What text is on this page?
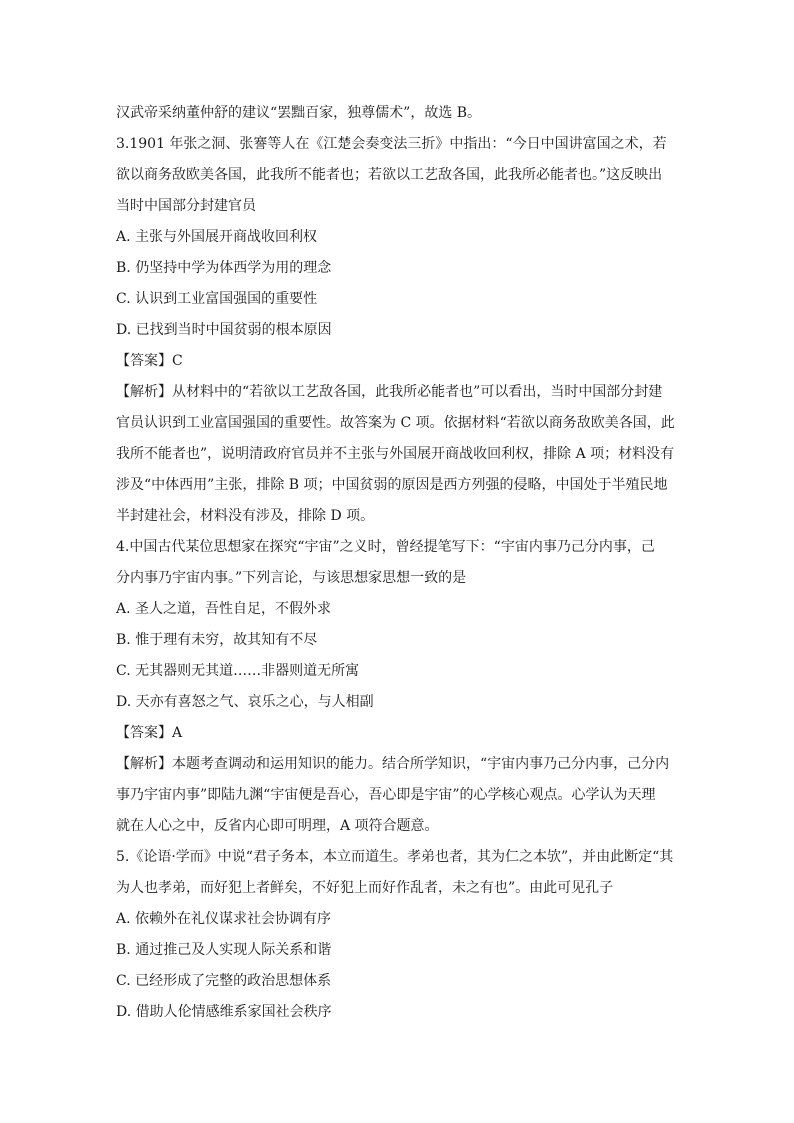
汉武帝采纳董仲舒的建议“罢黜百家，独尊儒术”，故选 B。

3.1901 年张之洞、张謇等人在《江楚会奏变法三折》中指出：“今日中国讲富国之术，若

欲以商务敌欧美各国，此我所不能者也；若欲以工艺敌各国，此我所必能者也。”这反映出

当时中国部分封建官员

A. 主张与外国展开商战收回利权

B. 仍坚持中学为体西学为用的理念

C. 认识到工业富国强国的重要性

D. 已找到当时中国贫弱的根本原因

【答案】C

【解析】从材料中的“若欲以工艺敌各国，此我所必能者也”可以看出，当时中国部分封建

官员认识到工业富国强国的重要性。故答案为 C 项。依据材料“若欲以商务敌欧美各国，此

我所不能者也”，说明清政府官员并不主张与外国展开商战收回利权，排除 A 项；材料没有

涉及“中体西用”主张，排除 B 项；中国贫弱的原因是西方列强的侵略，中国处于半殖民地

半封建社会，材料没有涉及，排除 D 项。

4.中国古代某位思想家在探究“宇宙”之义时，曾经提笔写下：“宇宙内事乃己分内事，己

分内事乃宇宙内事。”下列言论，与该思想家思想一致的是

A. 圣人之道，吾性自足，不假外求

B. 惟于理有未穷，故其知有不尽

C. 无其器则无其道……非器则道无所寓

D. 天亦有喜怒之气、哀乐之心，与人相副

【答案】A

【解析】本题考查调动和运用知识的能力。结合所学知识，“宇宙内事乃己分内事，己分内

事乃宇宙内事”即陆九渊“宇宙便是吾心，吾心即是宇宙”的心学核心观点。心学认为天理

就在人心之中，反省内心即可明理，A 项符合题意。

5.《论语·学而》中说“君子务本，本立而道生。孝弟也者，其为仁之本欤”，并由此断定“其

为人也孝弟，而好犯上者鲜矣，不好犯上而好作乱者，未之有也”。由此可见孔子

A. 依赖外在礼仪谋求社会协调有序

B. 通过推己及人实现人际关系和谐

C. 已经形成了完整的政治思想体系

D. 借助人伦情感维系家国社会秩序
